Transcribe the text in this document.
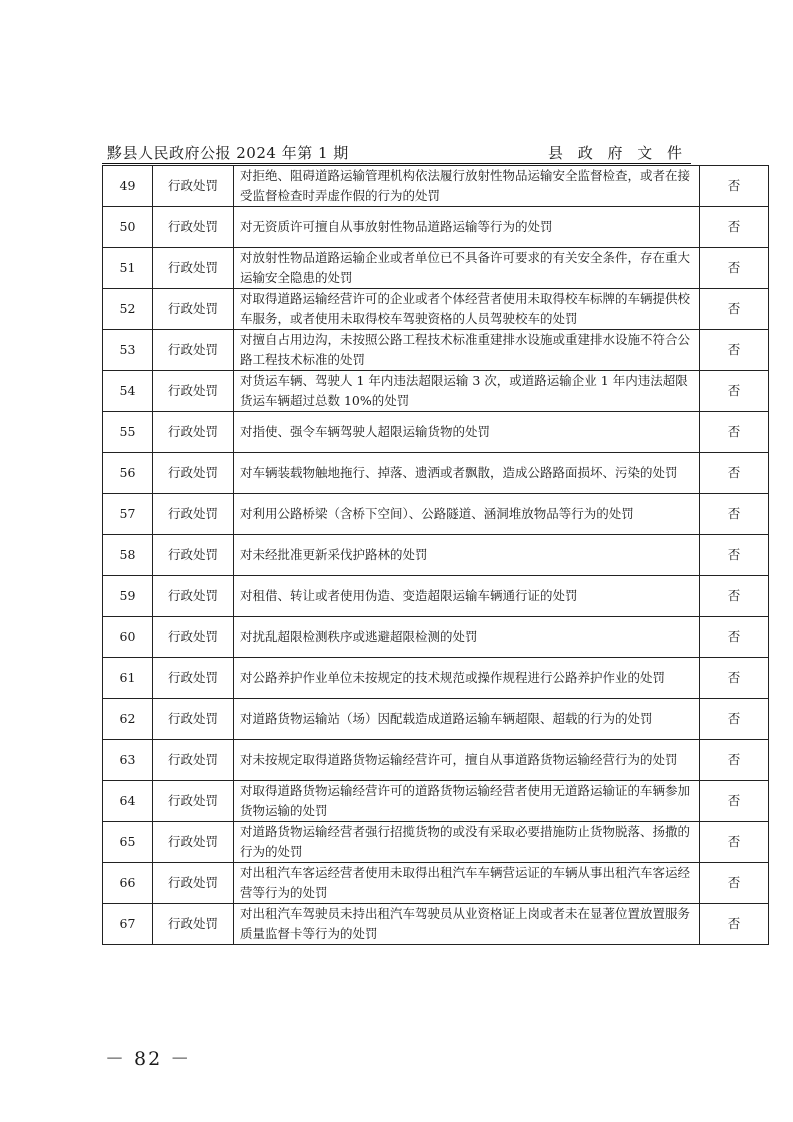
黟县人民政府公报 2024 年第 1 期	县 政 府 文 件
49	行政处罚	对拒绝、阻碍道路运输管理机构依法履行放射性物品运输安全监督检查，或者在接受监督检查时弄虚作假的行为的处罚	否
50	行政处罚	对无资质许可擅自从事放射性物品道路运输等行为的处罚	否
51	行政处罚	对放射性物品道路运输企业或者单位已不具备许可要求的有关安全条件，存在重大运输安全隐患的处罚	否
52	行政处罚	对取得道路运输经营许可的企业或者个体经营者使用未取得校车标牌的车辆提供校车服务，或者使用未取得校车驾驶资格的人员驾驶校车的处罚	否
53	行政处罚	对擅自占用边沟，未按照公路工程技术标准重建排水设施或重建排水设施不符合公路工程技术标准的处罚	否
54	行政处罚	对货运车辆、驾驶人 1 年内违法超限运输 3 次，或道路运输企业 1 年内违法超限货运车辆超过总数 10%的处罚	否
55	行政处罚	对指使、强令车辆驾驶人超限运输货物的处罚	否
56	行政处罚	对车辆装载物触地拖行、掉落、遗洒或者飘散，造成公路路面损坏、污染的处罚	否
57	行政处罚	对利用公路桥梁（含桥下空间）、公路隧道、涵洞堆放物品等行为的处罚	否
58	行政处罚	对未经批准更新采伐护路林的处罚	否
59	行政处罚	对租借、转让或者使用伪造、变造超限运输车辆通行证的处罚	否
60	行政处罚	对扰乱超限检测秩序或逃避超限检测的处罚	否
61	行政处罚	对公路养护作业单位未按规定的技术规范或操作规程进行公路养护作业的处罚	否
62	行政处罚	对道路货物运输站（场）因配载造成道路运输车辆超限、超载的行为的处罚	否
63	行政处罚	对未按规定取得道路货物运输经营许可，擅自从事道路货物运输经营行为的处罚	否
64	行政处罚	对取得道路货物运输经营许可的道路货物运输经营者使用无道路运输证的车辆参加货物运输的处罚	否
65	行政处罚	对道路货物运输经营者强行招揽货物的或没有采取必要措施防止货物脱落、扬撒的行为的处罚	否
66	行政处罚	对出租汽车客运经营者使用未取得出租汽车车辆营运证的车辆从事出租汽车客运经营等行为的处罚	否
67	行政处罚	对出租汽车驾驶员未持出租汽车驾驶员从业资格证上岗或者未在显著位置放置服务质量监督卡等行为的处罚	否
－ 82 －
